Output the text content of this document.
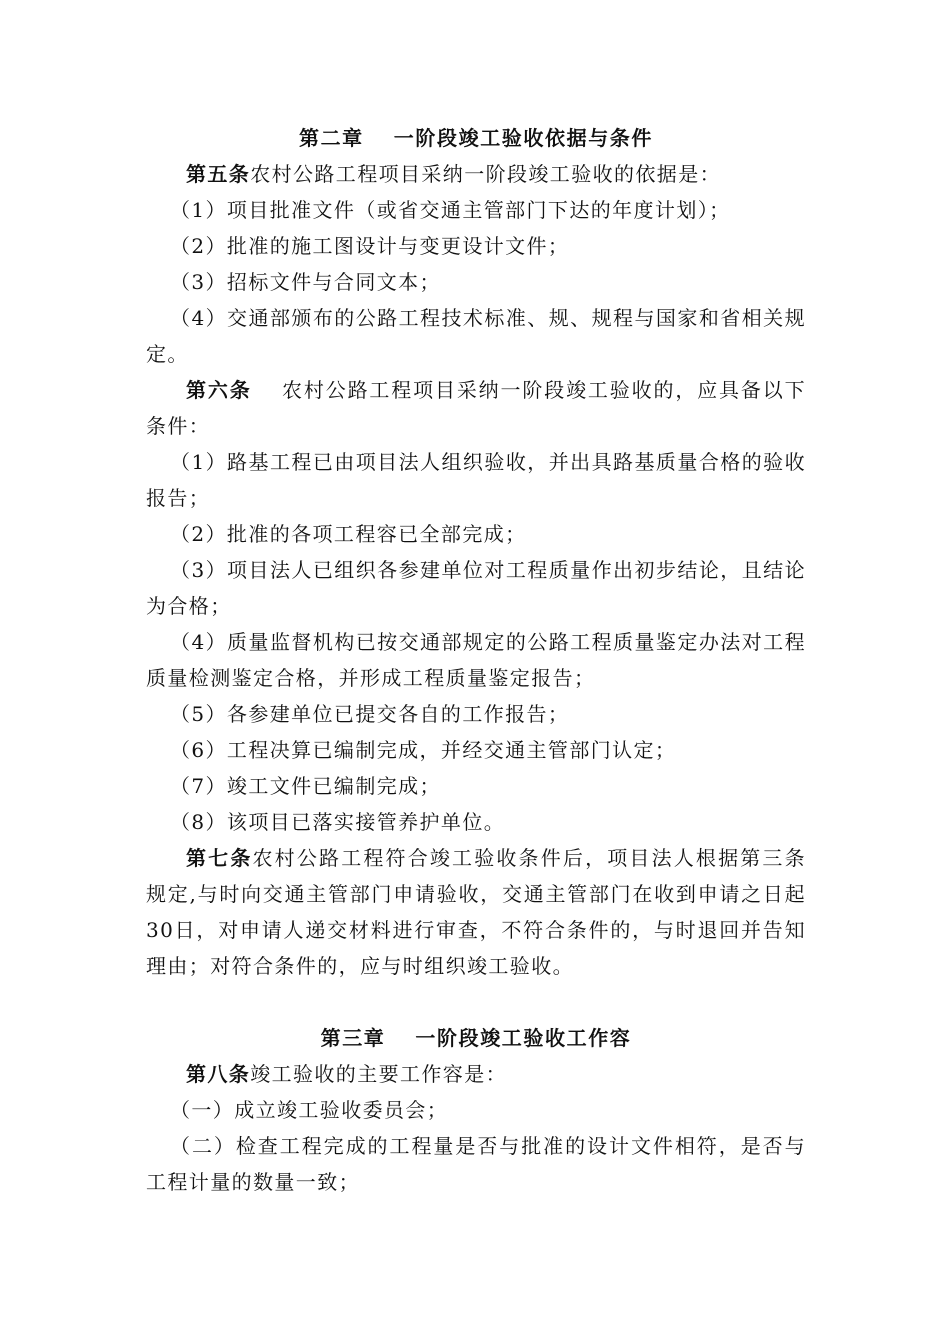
第二章 一阶段竣工验收依据与条件
第五条农村公路工程项目采纳一阶段竣工验收的依据是：
（1）项目批准文件（或省交通主管部门下达的年度计划）；
（2）批准的施工图设计与变更设计文件；
（3）招标文件与合同文本；
（4）交通部颁布的公路工程技术标准、规、规程与国家和省相关规定。
第六条 农村公路工程项目采纳一阶段竣工验收的，应具备以下条件：
（1）路基工程已由项目法人组织验收，并出具路基质量合格的验收报告；
（2）批准的各项工程容已全部完成；
（3）项目法人已组织各参建单位对工程质量作出初步结论，且结论为合格；
（4）质量监督机构已按交通部规定的公路工程质量鉴定办法对工程质量检测鉴定合格，并形成工程质量鉴定报告；
（5）各参建单位已提交各自的工作报告；
（6）工程决算已编制完成，并经交通主管部门认定；
（7）竣工文件已编制完成；
（8）该项目已落实接管养护单位。
第七条农村公路工程符合竣工验收条件后，项目法人根据第三条规定,与时向交通主管部门申请验收，交通主管部门在收到申请之日起30日，对申请人递交材料进行审查，不符合条件的，与时退回并告知理由；对符合条件的，应与时组织竣工验收。
第三章 一阶段竣工验收工作容
第八条竣工验收的主要工作容是：
（一）成立竣工验收委员会；
（二）检查工程完成的工程量是否与批准的设计文件相符，是否与工程计量的数量一致；
